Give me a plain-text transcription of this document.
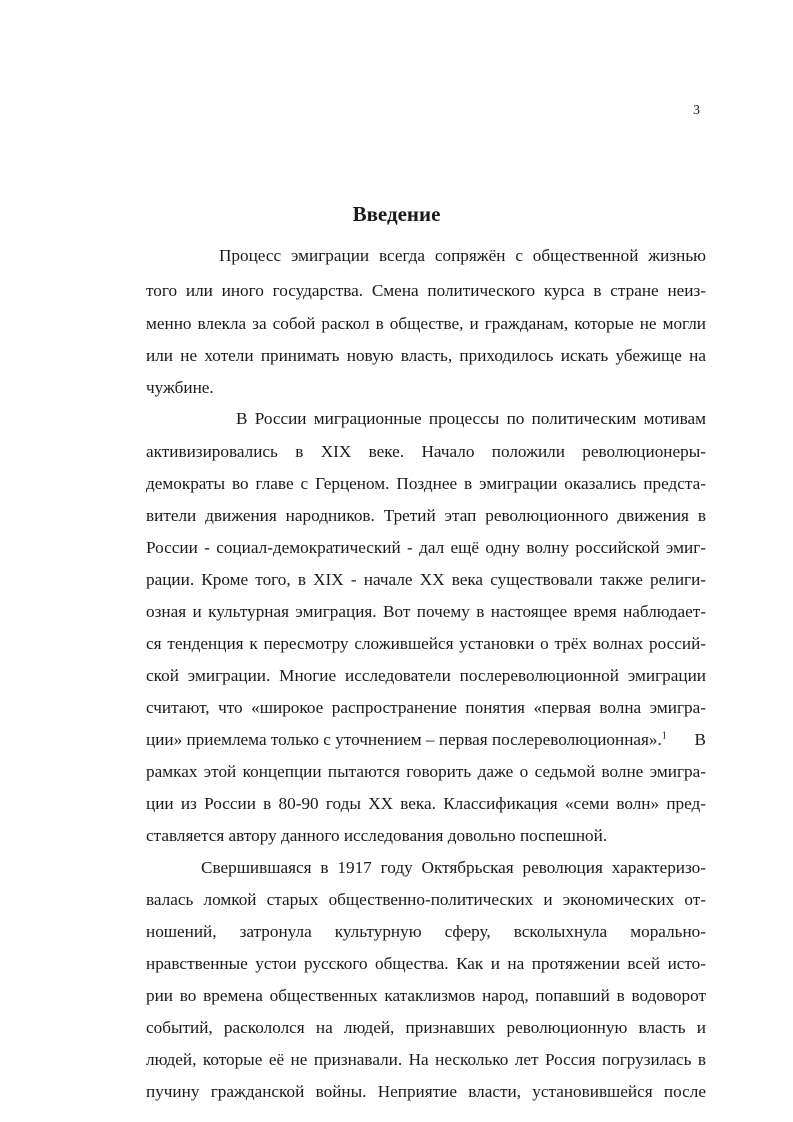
3
Введение
Процесс эмиграции всегда сопряжён с общественной жизнью
того или иного государства. Смена политического курса в стране неиз-
менно влекла за собой раскол в обществе, и гражданам, которые не могли
или не хотели принимать новую власть, приходилось искать убежище на
чужбине.
В России миграционные процессы по политическим мотивам
активизировались в XIX веке. Начало положили революционеры-
демократы во главе с Герценом. Позднее в эмиграции оказались предста-
вители движения народников. Третий этап революционного движения в
России - социал-демократический - дал ещё одну волну российской эмиг-
рации. Кроме того, в XIX - начале XX века существовали также религи-
озная и культурная эмиграция. Вот почему в настоящее время наблюдает-
ся тенденция к пересмотру сложившейся установки о трёх волнах россий-
ской эмиграции. Многие исследователи послереволюционной эмиграции
считают, что «широкое распространение понятия «первая волна эмигра-
ции» приемлема только с уточнением – первая послереволюционная».$^1$ В
рамках этой концепции пытаются говорить даже о седьмой волне эмигра-
ции из России в 80-90 годы XX века. Классификация «семи волн» пред-
ставляется автору данного исследования довольно поспешной.
Свершившаяся в 1917 году Октябрьская революция характеризо-
валась ломкой старых общественно-политических и экономических от-
ношений, затронула культурную сферу, всколыхнула морально-
нравственные устои русского общества. Как и на протяжении всей исто-
рии во времена общественных катаклизмов народ, попавший в водоворот
событий, раскололся на людей, признавших революционную власть и
людей, которые её не признавали. На несколько лет Россия погрузилась в
пучину гражданской войны. Неприятие власти, установившейся после
